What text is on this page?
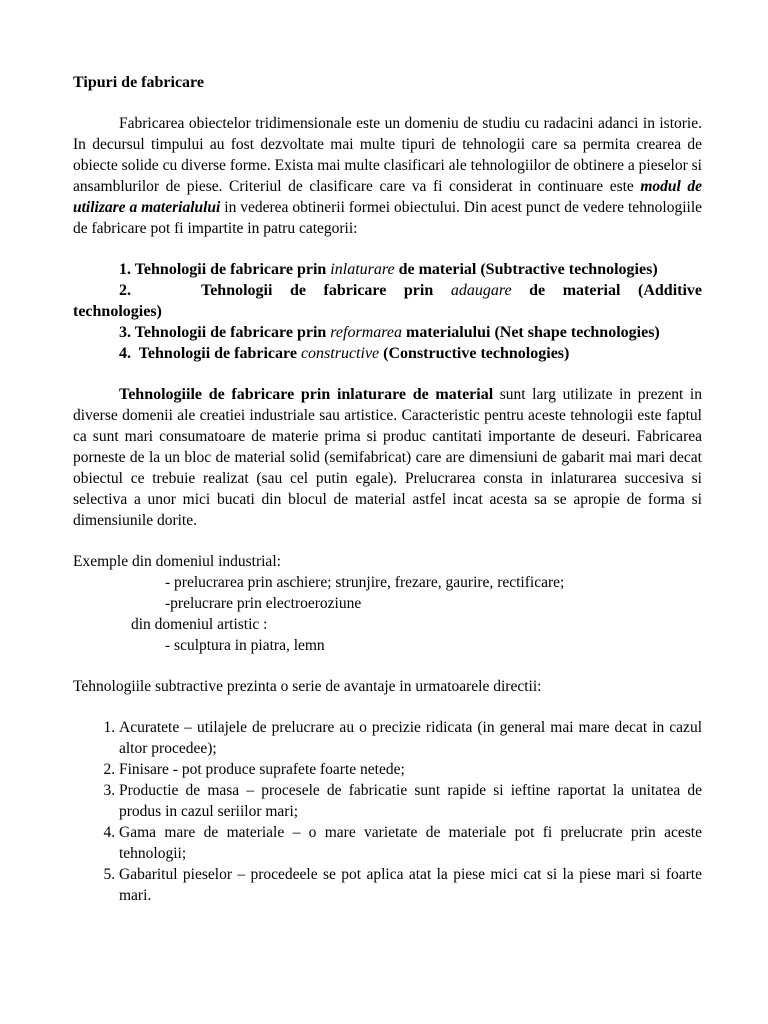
Tipuri de fabricare

Fabricarea obiectelor tridimensionale este un domeniu de studiu cu radacini adanci in istorie. In decursul timpului au fost dezvoltate mai multe tipuri de tehnologii care sa permita crearea de obiecte solide cu diverse forme. Exista mai multe clasificari ale tehnologiilor de obtinere a pieselor si ansamblurilor de piese. Criteriul de clasificare care va fi considerat in continuare este modul de utilizare a materialului in vederea obtinerii formei obiectului. Din acest punct de vedere tehnologiile de fabricare pot fi impartite in patru categorii:

1. Tehnologii de fabricare prin inlaturare de material (Subtractive technologies)

2.	Tehnologii de fabricare prin adaugare de material (Additive technologies)

3. Tehnologii de fabricare prin reformarea materialului (Net shape technologies)

4. Tehnologii de fabricare constructive (Constructive technologies)

Tehnologiile de fabricare prin inlaturare de material sunt larg utilizate in prezent in diverse domenii ale creatiei industriale sau artistice. Caracteristic pentru aceste tehnologii este faptul ca sunt mari consumatoare de materie prima si produc cantitati importante de deseuri. Fabricarea porneste de la un bloc de material solid (semifabricat) care are dimensiuni de gabarit mai mari decat obiectul ce trebuie realizat (sau cel putin egale). Prelucrarea consta in inlaturarea succesiva si selectiva a unor mici bucati din blocul de material astfel incat acesta sa se apropie de forma si dimensiunile dorite.

Exemple din domeniul industrial:

- prelucrarea prin aschiere; strunjire, frezare, gaurire, rectificare;

-prelucrare prin electroeroziune

din domeniul artistic :

- sculptura in piatra, lemn

Tehnologiile subtractive prezinta o serie de avantaje in urmatoarele directii:

1. Acuratete – utilajele de prelucrare au o precizie ridicata (in general mai mare decat in cazul altor procedee);
2. Finisare - pot produce suprafete foarte netede;
3. Productie de masa – procesele de fabricatie sunt rapide si ieftine raportat la unitatea de produs in cazul seriilor mari;
4. Gama mare de materiale – o mare varietate de materiale pot fi prelucrate prin aceste tehnologii;
5. Gabaritul pieselor – procedeele se pot aplica atat la piese mici cat si la piese mari si foarte mari.
